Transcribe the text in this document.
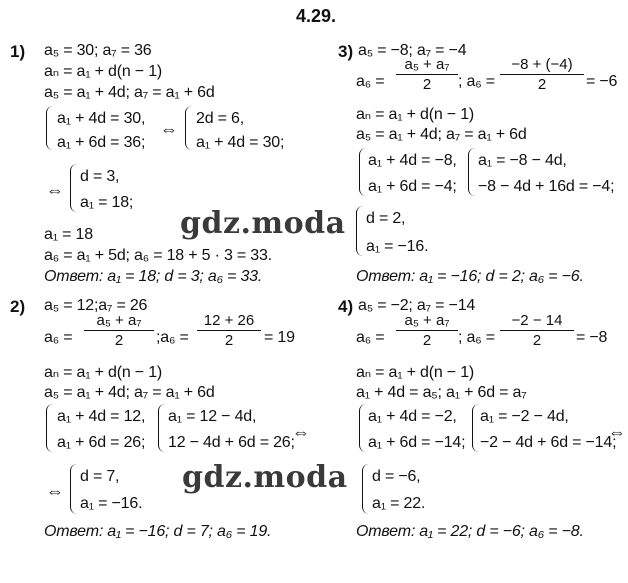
4.29.
1) a₅ = 30; a₇ = 36
aₙ = a₁ + d(n − 1)
a₅ = a₁ + 4d; a₇ = a₁ + 6d
a₁ + 4d = 30,
a₁ + 6d = 36;
⇔
2d = 6,
a₁ + 4d = 30;
⇔
d = 3,
a₁ = 18;
a₁ = 18
a₆ = a₁ + 5d; a₆ = 18 + 5 · 3 = 33.
Ответ: a₁ = 18; d = 3; a₆ = 33.
2) a₅ = 12;a₇ = 26
a₆ =
a₅ + a₇
2 ;a₆ =
12 + 26
2 = 19
aₙ = a₁ + d(n − 1)
a₅ = a₁ + 4d; a₇ = a₁ + 6d
a₁ + 4d = 12,
a₁ + 6d = 26;
a₁ = 12 − 4d,
12 − 4d + 6d = 26;
⇔
⇔
d = 7,
a₁ = −16.
Ответ: a₁ = −16; d = 7; a₆ = 19.
3) a₅ = −8; a₇ = −4
a₆ =
a₅ + a₇
2 ; a₆ =
−8 + (−4)
2 = −6
aₙ = a₁ + d(n − 1)
a₅ = a₁ + 4d; a₇ = a₁ + 6d
a₁ + 4d = −8,
a₁ + 6d = −4;
a₁ = −8 − 4d,
−8 − 4d + 16d = −4;
d = 2,
a₁ = −16.
Ответ: a₁ = −16; d = 2; a₆ = −6.
4) a₅ = −2; a₇ = −14
a₆ =
a₅ + a₇
2 ; a₆ =
−2 − 14
2 = −8
aₙ = a₁ + d(n − 1)
a₁ + 4d = a₅; a₁ + 6d = a₇
a₁ + 4d = −2,
a₁ + 6d = −14;
a₁ = −2 − 4d,
−2 − 4d + 6d = −14;
⇔
d = −6,
a₁ = 22.
Ответ: a₁ = 22; d = −6; a₆ = −8.
gdz.moda
gdz.moda
